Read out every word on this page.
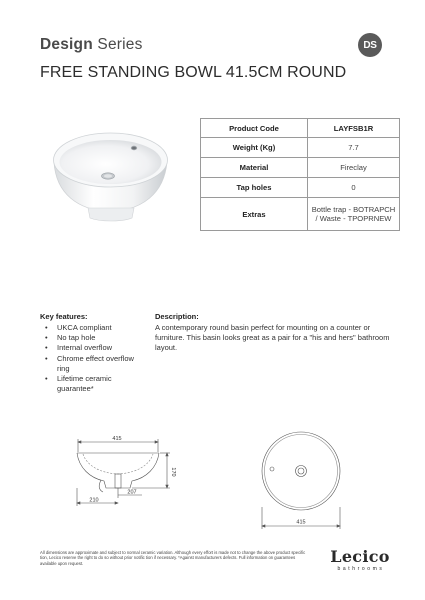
Design Series
FREE STANDING BOWL 41.5CM ROUND
DS
Product Code	LAYFSB1R
Weight (Kg)	7.7
Material	Fireclay
Tap holes	0
Extras	Bottle trap - BOTRAPCH / Waste - TPOPRNEW
Key features:
• UKCA compliant
• No tap hole
• Internal overflow
• Chrome effect overflow ring
• Lifetime ceramic guarantee*
Description:

A contemporary round basin perfect for mounting on a counter or furniture. This basin looks great as a pair for a "his and hers" bathroom layout.

415
170
207
210
415

All dimensions are approximate and subject to normal ceramic variation. Although every effort is made not to change the above product specific tion, Lecico reserve the right to do so without prior notific tion if necessary. *Against manufacturers defects. Full information on guarantees available upon request.	Lecico
bathrooms
